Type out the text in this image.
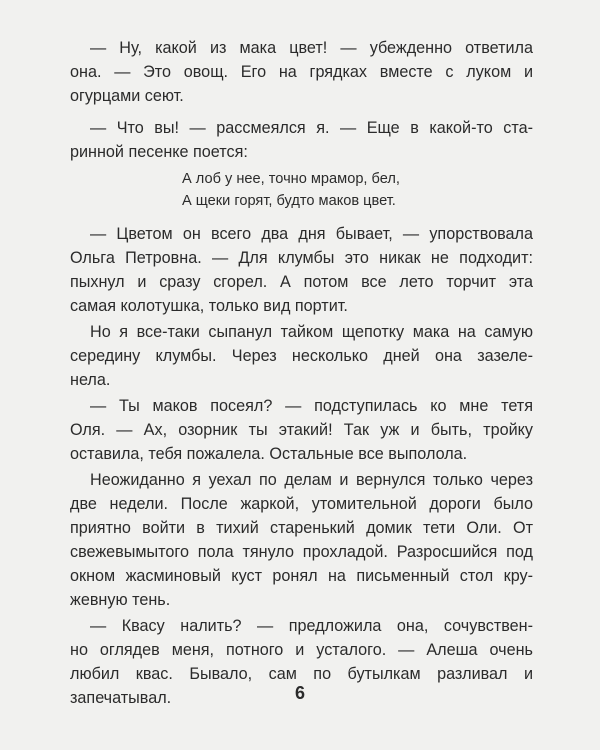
— Ну, какой из мака цвет! — убежденно ответила
она. — Это овощ. Его на грядках вместе с луком и
огурцами сеют.

— Что вы! — рассмеялся я. — Еще в какой-то ста-
ринной песенке поется:

А лоб у нее, точно мрамор, бел,
А щеки горят, будто маков цвет.

— Цветом он всего два дня бывает, — упорствовала
Ольга Петровна. — Для клумбы это никак не подходит:
пыхнул и сразу сгорел. А потом все лето торчит эта
самая колотушка, только вид портит.

Но я все-таки сыпанул тайком щепотку мака на самую
середину клумбы. Через несколько дней она зазеле-
нела.

— Ты маков посеял? — подступилась ко мне тетя
Оля. — Ах, озорник ты этакий! Так уж и быть, тройку
оставила, тебя пожалела. Остальные все выполола.

Неожиданно я уехал по делам и вернулся только через
две недели. После жаркой, утомительной дороги было
приятно войти в тихий старенький домик тети Оли. От
свежевымытого пола тянуло прохладой. Разросшийся под
окном жасминовый куст ронял на письменный стол кру-
жевную тень.

— Квасу налить? — предложила она, сочувствен-
но оглядев меня, потного и усталого. — Алеша очень
любил квас. Бывало, сам по бутылкам разливал и
запечатывал.	6
